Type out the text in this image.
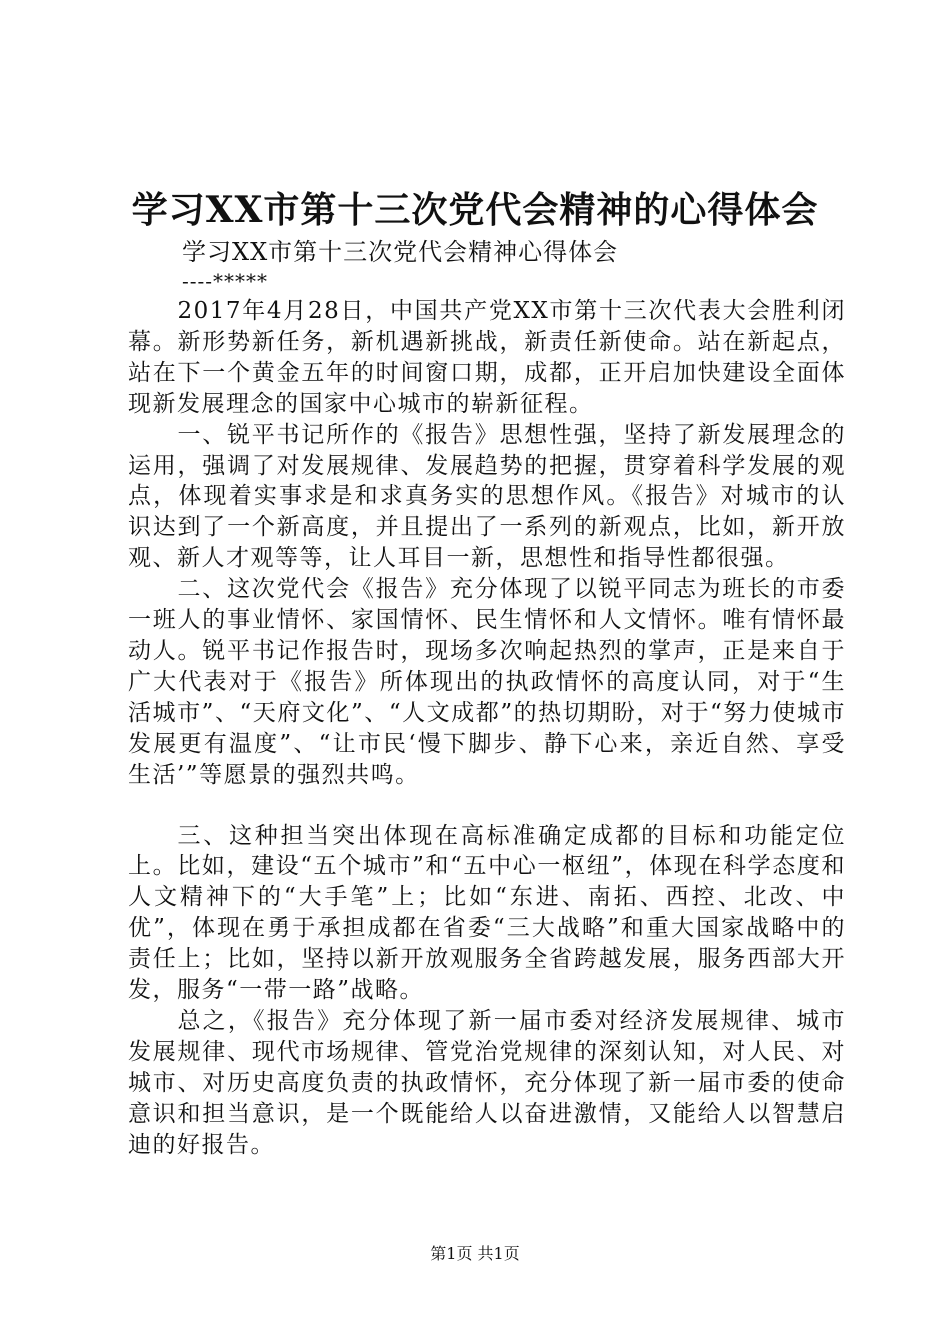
学习XX市第十三次党代会精神的心得体会
学习XX市第十三次党代会精神心得体会
----*****

2017年4月28日，中国共产党XX市第十三次代表大会胜利闭幕。新形势新任务，新机遇新挑战，新责任新使命。站在新起点，站在下一个黄金五年的时间窗口期，成都，正开启加快建设全面体现新发展理念的国家中心城市的崭新征程。

一、锐平书记所作的《报告》思想性强，坚持了新发展理念的运用，强调了对发展规律、发展趋势的把握，贯穿着科学发展的观点，体现着实事求是和求真务实的思想作风。《报告》对城市的认识达到了一个新高度，并且提出了一系列的新观点，比如，新开放观、新人才观等等，让人耳目一新，思想性和指导性都很强。

二、这次党代会《报告》充分体现了以锐平同志为班长的市委一班人的事业情怀、家国情怀、民生情怀和人文情怀。唯有情怀最动人。锐平书记作报告时，现场多次响起热烈的掌声，正是来自于广大代表对于《报告》所体现出的执政情怀的高度认同，对于“生活城市”、“天府文化”、“人文成都”的热切期盼，对于“努力使城市发展更有温度”、“让市民‘慢下脚步、静下心来，亲近自然、享受生活’”等愿景的强烈共鸣。

三、这种担当突出体现在高标准确定成都的目标和功能定位上。比如，建设“五个城市”和“五中心一枢纽”，体现在科学态度和人文精神下的“大手笔”上；比如“东进、南拓、西控、北改、中优”，体现在勇于承担成都在省委“三大战略”和重大国家战略中的责任上；比如，坚持以新开放观服务全省跨越发展，服务西部大开发，服务“一带一路”战略。

总之，《报告》充分体现了新一届市委对经济发展规律、城市发展规律、现代市场规律、管党治党规律的深刻认知，对人民、对城市、对历史高度负责的执政情怀，充分体现了新一届市委的使命意识和担当意识，是一个既能给人以奋进激情，又能给人以智慧启迪的好报告。

第1页 共1页
